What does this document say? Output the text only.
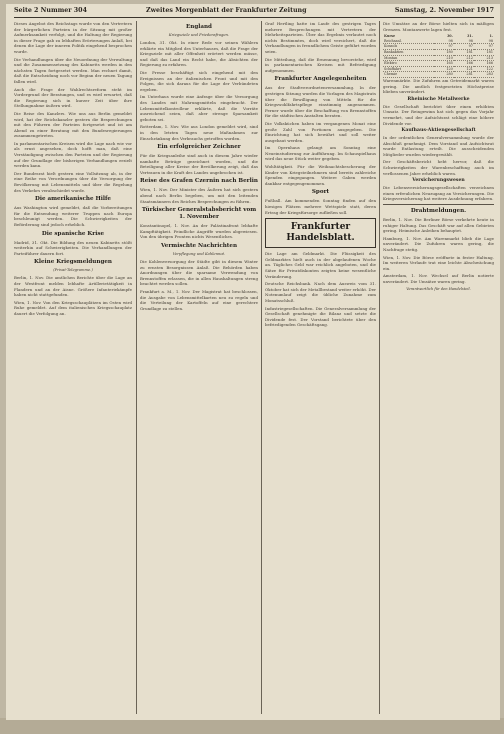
Seite 2 Nummer 304	Zweites Morgenblatt der Frankfurter Zeitung	Samstag, 2. November 1917
Dieses Angebot des Reichstags wurde von den Vertretern der bürgerlichen Parteien in der Sitzung mit großer Aufmerksamkeit verfolgt, und die Haltung der Regierung in dieser Frage gab zu lebhaften Erörterungen Anlaß, bei denen die Lage der inneren Politik eingehend besprochen wurde.
Die Verhandlungen über die Neuordnung der Verwaltung und die Zusammensetzung des Kabinetts werden in den nächsten Tagen fortgesetzt werden. Man rechnet damit, daß die Entscheidung noch vor Beginn der neuen Tagung fallen wird.
Auch die Frage der Wahlrechtsreform steht im Vordergrund der Beratungen, und es wird erwartet, daß die Regierung sich in kurzer Zeit über ihre Stellungnahme äußern wird.
Die Reise des Kanzlers. Wie uns aus Berlin gemeldet wird, hat der Reichskanzler gestern die Besprechungen mit den Führern der Parteien fortgesetzt und ist am Abend zu einer Beratung mit den Bundesregierungen zusammengetreten.
In parlamentarischen Kreisen wird die Lage nach wie vor als ernst angesehen, doch hofft man, daß eine Verständigung zwischen den Parteien und der Regierung auf der Grundlage der bisherigen Verhandlungen erzielt werden kann.
Der Bundesrat hielt gestern eine Vollsitzung ab, in der eine Reihe von Verordnungen über die Versorgung der Bevölkerung mit Lebensmitteln und über die Regelung des Verkehrs verabschiedet wurde.
Die amerikanische Hilfe
Aus Washington wird gemeldet, daß die Vorbereitungen für die Entsendung weiterer Truppen nach Europa beschleunigt werden. Die Schwierigkeiten der Beförderung sind jedoch erheblich.
Die spanische Krise
Madrid, 31. Okt. Die Bildung des neuen Kabinetts stößt weiterhin auf Schwierigkeiten. Die Verhandlungen der Parteiführer dauern fort.
Kleine Kriegsmeldungen
(Privat-Telegramme.)
Berlin, 1. Nov. Die amtlichen Berichte über die Lage an der Westfront melden lebhafte Artillerietätigkeit in Flandern und an der Aisne. Größere Infanteriekämpfe haben nicht stattgefunden.
Wien, 1. Nov. Von den Kriegsschauplätzen im Osten wird Ruhe gemeldet. Auf dem italienischen Kriegsschauplatz dauert die Verfolgung an.
England
Kriegsziele und Friedensfragen.
London, 31. Okt. In einer Rede vor seinen Wählern erklärte ein Mitglied des Unterhauses, daß die Frage der Kriegsziele mit aller Offenheit erörtert werden müsse, und daß das Land ein Recht habe, die Absichten der Regierung zu erfahren.
Die Presse beschäftigt sich eingehend mit den Ereignissen an der italienischen Front und mit den Folgen, die sich daraus für die Lage der Verbündeten ergeben.
Im Unterhaus wurde eine Anfrage über die Versorgung des Landes mit Nahrungsmitteln eingebracht. Der Lebensmittelkontrolleur erklärte, daß die Vorräte ausreichend seien, daß aber strenge Sparsamkeit geboten sei.
Rotterdam, 1. Nov. Wie aus London gemeldet wird, sind in den letzten Tagen neue Maßnahmen zur Einschränkung des Verbrauchs getroffen worden.
Ein erfolgreicher Zeichner
Für die Kriegsanleihe sind auch in diesem Jahre wieder namhafte Beträge gezeichnet worden, und die Beteiligung aller Kreise der Bevölkerung zeigt, daß das Vertrauen in die Kraft des Landes ungebrochen ist.
Reise des Grafen Czernin nach Berlin
Wien, 1. Nov. Der Minister des Äußern hat sich gestern abend nach Berlin begeben, um mit den leitenden Staatsmännern des Reiches Besprechungen zu führen.
Türkischer Generalstabsbericht vom 1. November
Konstantinopel, 1. Nov. An der Palästinafront lebhafte Kampftätigkeit. Feindliche Angriffe wurden abgewiesen. Von den übrigen Fronten nichts Wesentliches.
Vermischte Nachrichten
Verpflegung und Kohlennot.
Die Kohlenversorgung der Städte gibt in diesem Winter zu ernsten Besorgnissen Anlaß. Die Behörden haben Anordnungen über die sparsame Verwendung von Brennstoffen erlassen, die in allen Haushaltungen streng beachtet werden sollen.
Frankfurt a. M., 1. Nov. Der Magistrat hat beschlossen, die Ausgabe von Lebensmittelkarten neu zu regeln und die Verteilung der Kartoffeln auf eine gerechtere Grundlage zu stellen.
Graf Hertling hatte im Laufe des gestrigen Tages mehrere Besprechungen mit Vertretern der Mehrheitsparteien. Über das Ergebnis verlautet noch nichts Bestimmtes, doch wird versichert, daß die Verhandlungen in freundlichem Geiste geführt worden seien.
Die Mitteilung, daß die Ernennung bevorstehe, wird in parlamentarischen Kreisen mit Befriedigung aufgenommen.
Frankfurter Angelegenheiten
Aus der Stadtverordnetenversammlung. In der gestrigen Sitzung wurden die Vorlagen des Magistrats über die Bewilligung von Mitteln für die Kriegswohlfahrtspflege einstimmig angenommen. Ferner wurde über die Beschaffung von Brennstoffen für die städtischen Anstalten beraten.
Die Volksküchen haben im vergangenen Monat eine große Zahl von Portionen ausgegeben. Die Einrichtung hat sich bewährt und soll weiter ausgebaut werden.
Im Opernhaus gelangt am Sonntag eine Neueinstudierung zur Aufführung. Im Schauspielhaus wird das neue Stück weiter gegeben.
Wohltätigkeit. Für die Weihnachtsbescherung der Kinder von Kriegsteilnehmern sind bereits zahlreiche Spenden eingegangen. Weitere Gaben werden dankbar entgegengenommen.
Sport
Fußball. Am kommenden Sonntag finden auf den hiesigen Plätzen mehrere Wettspiele statt, deren Ertrag der Kriegsfürsorge zufließen soll.
Frankfurter Handelsblatt.
Die Lage am Geldmarkt. Die Flüssigkeit des Geldmarktes hielt auch in der abgelaufenen Woche an. Tägliches Geld war reichlich angeboten, und die Sätze für Privatdiskonten zeigten keine wesentliche Veränderung.
Deutsche Reichsbank. Nach dem Ausweis vom 31. Oktober hat sich der Metallbestand weiter erhöht. Der Notenumlauf zeigt die übliche Zunahme zum Monatsschluß.
Industriegesellschaften. Die Generalversammlung der Gesellschaft genehmigte die Bilanz und setzte die Dividende fest. Der Vorstand berichtete über den befriedigenden Geschäftsgang.
Die Umsätze an der Börse hielten sich in mäßigen Grenzen. Montanwerte lagen fest.
Kurse	30.	31.	1.
Reichsanl.	98	98	98
Konsols	97	97	97
Bankaktien	180	181	181
Montan	210	212	213
Elektro	165	166	166
Schiffahrt	120	121	122
Chemie	280	281	283
Warenmärkte. Die Zufuhren am Getreidemarkt waren gering. Die amtlich festgesetzten Höchstpreise blieben unverändert.
Rheinische Metallwerke
Die Gesellschaft berichtet über einen erhöhten Umsatz. Der Reingewinn hat sich gegen das Vorjahr vermehrt, und der Aufsichtsrat schlägt eine höhere Dividende vor.
Kaufhaus-Aktiengesellschaft
In der ordentlichen Generalversammlung wurde der Abschluß genehmigt. Dem Vorstand und Aufsichtsrat wurde Entlastung erteilt. Die ausscheidenden Mitglieder wurden wiedergewählt.
Der Geschäftsbericht hebt hervor, daß die Schwierigkeiten der Warenbeschaffung auch im verflossenen Jahre erheblich waren.
Versicherungswesen
Die Lebensversicherungsgesellschaften verzeichnen einen erfreulichen Neuzugang an Versicherungen. Die Kriegsversicherung hat weitere Ausdehnung erfahren.
Drahtmeldungen.
Berlin, 1. Nov. Die Berliner Börse verkehrte heute in ruhiger Haltung. Das Geschäft war auf allen Gebieten gering. Heimische Anleihen behauptet.
Hamburg, 1. Nov. Am Warenmarkt blieb die Lage unverändert. Die Zufuhren waren gering, die Nachfrage stetig.
Wien, 1. Nov. Die Börse eröffnete in fester Haltung. Im weiteren Verlaufe trat eine leichte Abschwächung ein.
Amsterdam, 1. Nov. Wechsel auf Berlin notierte unverändert. Die Umsätze waren gering.
Verantwortlich für den Handelsteil.
